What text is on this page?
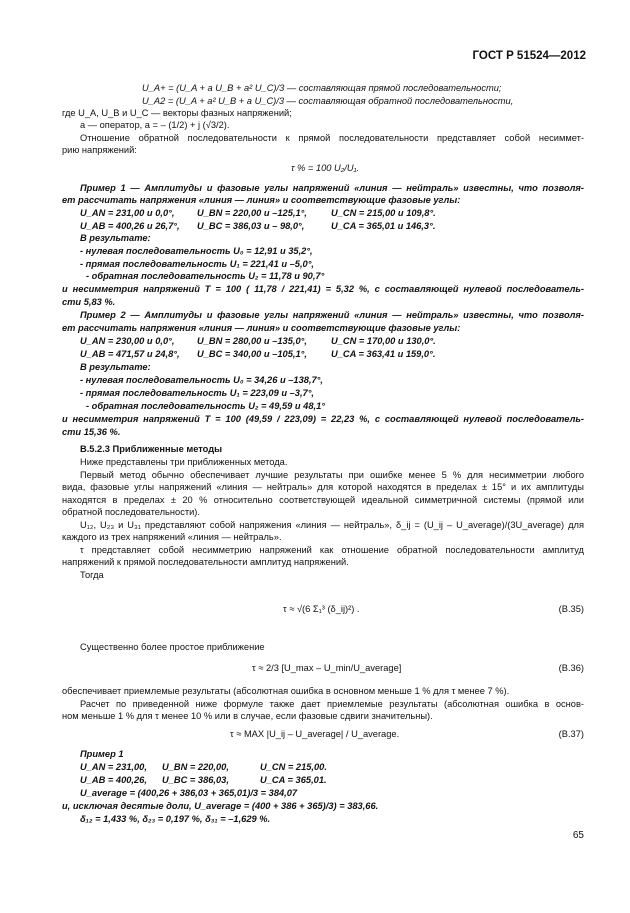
ГОСТ Р 51524—2012
U_A+ = (U_A + a U_B + a² U_C)/3 — составляющая прямой последовательности;
U_A2 = (U_A + a² U_B + a U_C)/3 — составляющая обратной последовательности,
где U_A, U_B и U_C — векторы фазных напряжений;
a — оператор, a = – (1/2) + j (√3/2).
Отношение обратной последовательности к прямой последовательности представляет собой несиммет-
рию напряжений:
τ % = 100 U₂/U₁.
Пример 1 — Амплитуды и фазовые углы напряжений «линия — нейтраль» известны, что позволя-
ет рассчитать напряжения «линия — линия» и соответствующие фазовые углы:
U_AN = 231,00 и 0,0°, U_BN = 220,00 и –125,1°,	U_CN = 215,00 и 109,8°.
U_AB = 400,26 и 26,7°, U_BC = 386,03 и – 98,0°,	U_CA = 365,01 и 146,3°.
В результате:
- нулевая последовательность U₀ = 12,91 и 35,2°,
- прямая последовательность U₁ = 221,41 и –5,0°,
- обратная последовательность U₂ = 11,78 и 90,7°
и несимметрия напряжений T = 100 ( 11,78 / 221,41) = 5,32 %, с составляющей нулевой последователь-
сти 5,83 %.
Пример 2 — Амплитуды и фазовые углы напряжений «линия — нейтраль» известны, что позволя-
ет рассчитать напряжения «линия — линия» и соответствующие фазовые углы:
U_AN = 230,00 и 0,0°, U_BN = 280,00 и –135,0°,	U_CN = 170,00 и 130,0°.
U_AB = 471,57 и 24,8°, U_BC = 340,00 и –105,1°,	U_CA = 363,41 и 159,0°.
В результате:
- нулевая последовательность U₀ = 34,26 и –138,7°,
- прямая последовательность U₁ = 223,09 и –3,7°,
- обратная последовательность U₂ = 49,59 и 48,1°
и несимметрия напряжений T = 100 (49,59 / 223,09) = 22,23 %, с составляющей нулевой последователь-
сти 15,36 %.
В.5.2.3 Приближенные методы
Ниже представлены три приближенных метода.
Первый метод обычно обеспечивает лучшие результаты при ошибке менее 5 % для несимметрии любого
вида, фазовые углы напряжений «линия — нейтраль» для которой находятся в пределах ± 15° и их амплитуды
находятся в пределах ± 20 % относительно соответствующей идеальной симметричной системы (прямой или
обратной последовательности).
U₁₂, U₂₃ и U₃₁ представляют собой напряжения «линия — нейтраль», δ_ij = (U_ij – U_average)/(3U_average) для
каждого из трех напряжений «линия — нейтраль».
τ представляет собой несимметрию напряжений как отношение обратной последовательности амплитуд
напряжений к прямой последовательности амплитуд напряжений.
Тогда
τ ≈ √(6 Σ₁³ (δ_ij)²) .	(B.35)
Существенно более простое приближение
τ ≈ 2/3 [U_max – U_min/U_average]	(B.36)
обеспечивает приемлемые результаты (абсолютная ошибка в основном меньше 1 % для τ менее 7 %).
Расчет по приведенной ниже формуле также дает приемлемые результаты (абсолютная ошибка в основ-
ном меньше 1 % для τ менее 10 % или в случае, если фазовые сдвиги значительны).
τ ≈ MAX |U_ij – U_average| / U_average.	(B.37)
Пример 1
U_AN = 231,00, U_BN = 220,00,	U_CN = 215,00.
U_AB = 400,26, U_BC = 386,03,	U_CA = 365,01.
U_average = (400,26 + 386,03 + 365,01)/3 = 384,07
и, исключая десятые доли, U_average = (400 + 386 + 365)/3) = 383,66.
δ₁₂ = 1,433 %, δ₂₃ = 0,197 %, δ₃₁ = –1,629 %.
65
